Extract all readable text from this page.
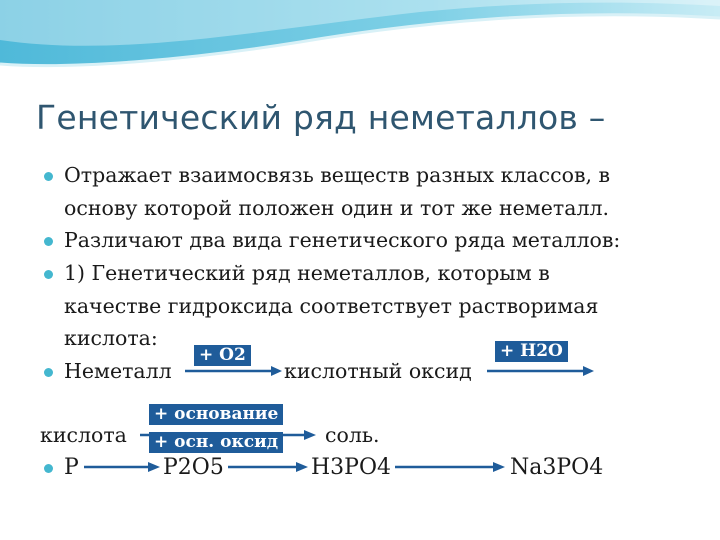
Генетический ряд неметаллов –
Отражает взаимосвязь веществ разных классов, в
основу которой положен один и тот же неметалл.
Различают два вида генетического ряда металлов:
1) Генетический ряд неметаллов, которым в
качестве гидроксида соответствует растворимая
кислота:
Неметалл	кислотный оксид
+ O2	+ H2O
кислота
+ основание
+ осн. оксид соль.
P	P2O5	H3PO4	Na3PO4
